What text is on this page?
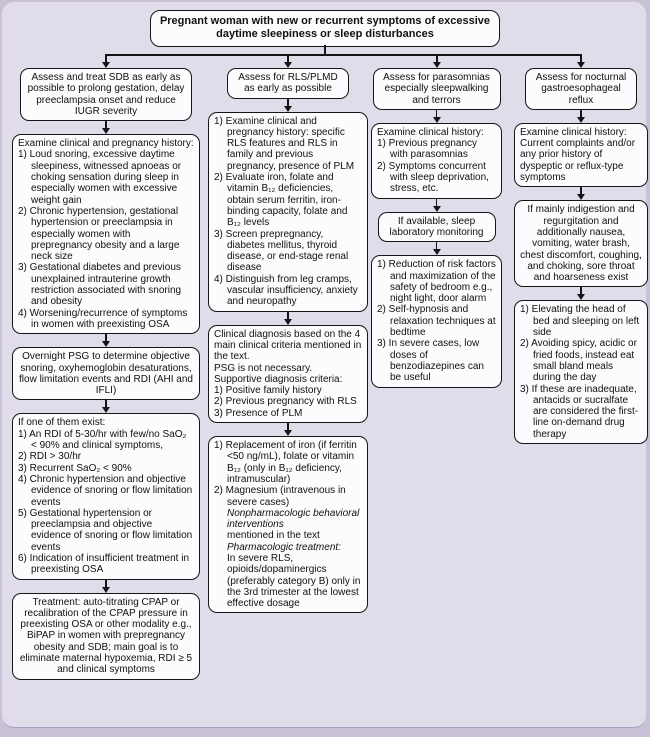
Pregnant woman with new or recurrent symptoms of excessive daytime sleepiness or sleep disturbances
Assess and treat SDB as early as possible to prolong gestation, delay preeclampsia onset and reduce IUGR severity
Examine clinical and pregnancy history:
1) Loud snoring, excessive daytime sleepiness, witnessed apnoeas or choking sensation during sleep in especially women with excessive weight gain
2) Chronic hypertension, gestational hypertension or preeclampsia in especially women with prepregnancy obesity and a large neck size
3) Gestational diabetes and previous unexplained intrauterine growth restriction associated with snoring and obesity
4) Worsening/recurrence of symptoms in women with preexisting OSA
Overnight PSG to determine objective snoring, oxyhemoglobin desaturations, flow limitation events and RDI (AHI and IFLI)
If one of them exist:
1) An RDI of 5-30/hr with few/no SaO₂ < 90% and clinical symptoms,
2) RDI > 30/hr
3) Recurrent SaO₂ < 90%
4) Chronic hypertension and objective evidence of snoring or flow limitation events
5) Gestational hypertension or preeclampsia and objective evidence of snoring or flow limitation events
6) Indication of insufficient treatment in preexisting OSA
Treatment: auto-titrating CPAP or recalibration of the CPAP pressure in preexisting OSA or other modality e.g., BiPAP in women with prepregnancy obesity and SDB; main goal is to eliminate maternal hypoxemia, RDI ≥ 5 and clinical symptoms
Assess for RLS/PLMD as early as possible
1) Examine clinical and pregnancy history: specific RLS features and RLS in family and previous pregnancy, presence of PLM
2) Evaluate iron, folate and vitamin B₁₂ deficiencies, obtain serum ferritin, iron-binding capacity, folate and B₁₂ levels
3) Screen prepregnancy, diabetes mellitus, thyroid disease, or end-stage renal disease
4) Distinguish from leg cramps, vascular insufficiency, anxiety and neuropathy
Clinical diagnosis based on the 4 main clinical criteria mentioned in the text.
PSG is not necessary.
Supportive diagnosis criteria:
1) Positive family history
2) Previous pregnancy with RLS
3) Presence of PLM
1) Replacement of iron (if ferritin <50 ng/mL), folate or vitamin B₁₂ (only in B₁₂ deficiency, intramuscular)
2) Magnesium (intravenous in severe cases)
Nonpharmacologic behavioral interventions
mentioned in the text
Pharmacologic treatment:
In severe RLS, opioids/dopaminergics (preferably category B) only in the 3rd trimester at the lowest effective dosage
Assess for parasomnias especially sleepwalking and terrors
Examine clinical history:
1) Previous pregnancy with parasomnias
2) Symptoms concurrent with sleep deprivation, stress, etc.
If available, sleep laboratory monitoring
1) Reduction of risk factors and maximization of the safety of bedroom e.g., night light, door alarm
2) Self-hypnosis and relaxation techniques at bedtime
3) In severe cases, low doses of benzodiazepines can be useful
Assess for nocturnal gastroesophageal reflux
Examine clinical history: Current complaints and/or any prior history of dyspeptic or reflux-type symptoms
If mainly indigestion and regurgitation and additionally nausea, vomiting, water brash, chest discomfort, coughing, and choking, sore throat and hoarseness exist
1) Elevating the head of bed and sleeping on left side
2) Avoiding spicy, acidic or fried foods, instead eat small bland meals during the day
3) If these are inadequate, antacids or sucralfate are considered the first-line on-demand drug therapy
